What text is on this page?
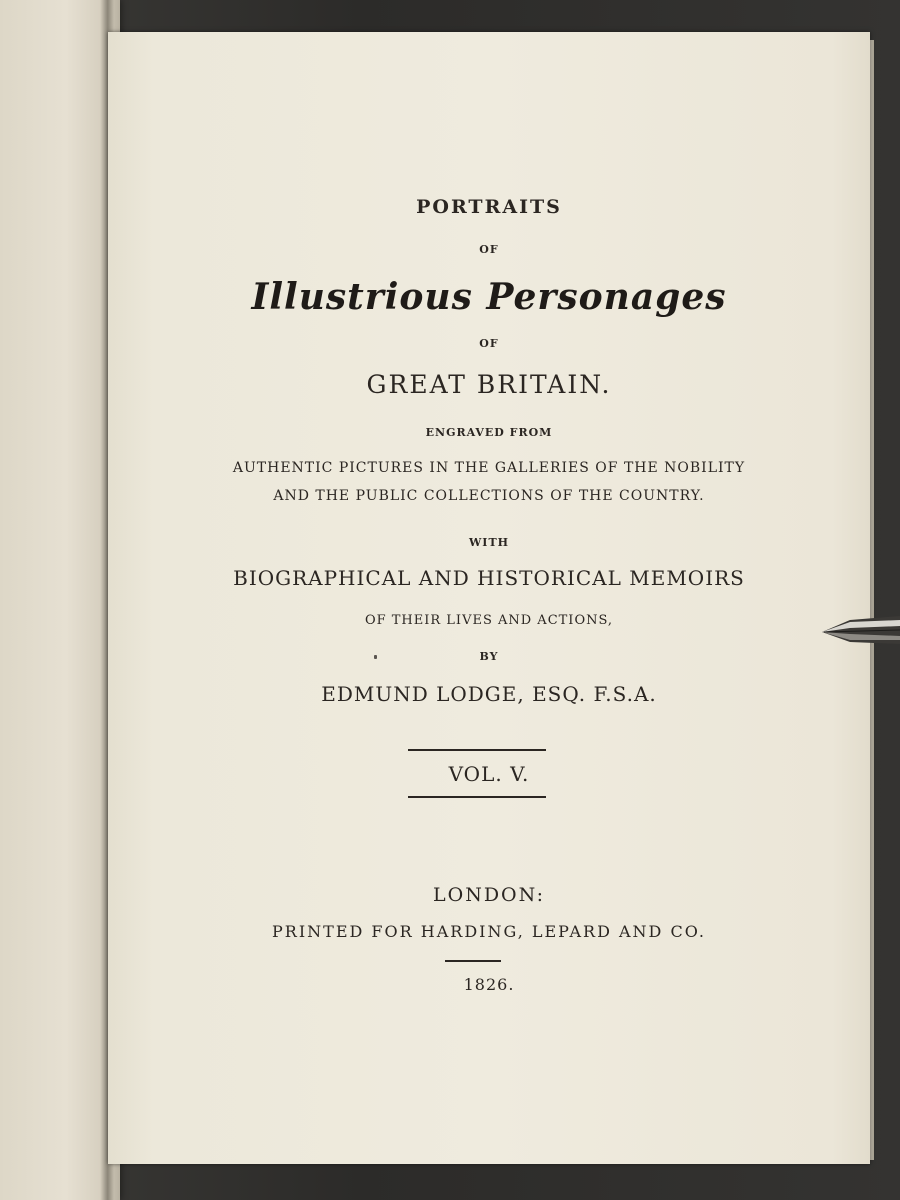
PORTRAITS
OF
Illustrious Personages
OF
GREAT BRITAIN.
ENGRAVED FROM
AUTHENTIC PICTURES IN THE GALLERIES OF THE NOBILITY
AND THE PUBLIC COLLECTIONS OF THE COUNTRY.
WITH
BIOGRAPHICAL AND HISTORICAL MEMOIRS
OF THEIR LIVES AND ACTIONS,
BY
EDMUND LODGE, ESQ. F.S.A.
VOL. V.
LONDON:
PRINTED FOR HARDING, LEPARD AND CO.
1826.
